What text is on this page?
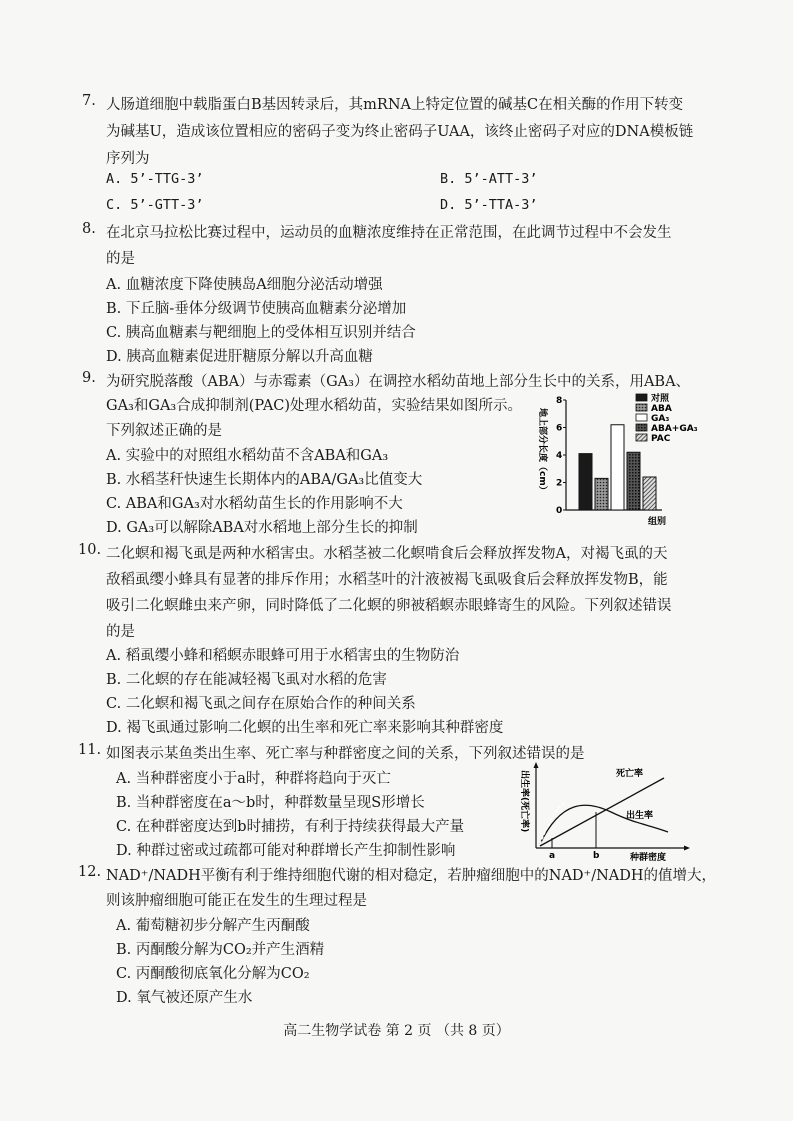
7. 人肠道细胞中载脂蛋白B基因转录后，其mRNA上特定位置的碱基C在相关酶的作用下转变
为碱基U，造成该位置相应的密码子变为终止密码子UAA，该终止密码子对应的DNA模板链
序列为
A. 5’-TTG-3’	B. 5’-ATT-3’
C. 5’-GTT-3’	D. 5’-TTA-3’
8. 在北京马拉松比赛过程中，运动员的血糖浓度维持在正常范围，在此调节过程中不会发生
的是
A. 血糖浓度下降使胰岛A细胞分泌活动增强
B. 下丘脑-垂体分级调节使胰高血糖素分泌增加
C. 胰高血糖素与靶细胞上的受体相互识别并结合
D. 胰高血糖素促进肝糖原分解以升高血糖
9. 为研究脱落酸（ABA）与赤霉素（GA₃）在调控水稻幼苗地上部分生长中的关系，用ABA、
GA₃和GA₃合成抑制剂(PAC)处理水稻幼苗，实验结果如图所示。
下列叙述正确的是
A. 实验中的对照组水稻幼苗不含ABA和GA₃
B. 水稻茎秆快速生长期体内的ABA/GA₃比值变大
C. ABA和GA₃对水稻幼苗生长的作用影响不大
D. GA₃可以解除ABA对水稻地上部分生长的抑制
地上部分长度（cm）
组别
0
2
4
6
8	对照
ABA
GA₃
ABA+GA₃
PAC
10. 二化螟和褐飞虱是两种水稻害虫。水稻茎被二化螟啃食后会释放挥发物A，对褐飞虱的天
敌稻虱缨小蜂具有显著的排斥作用；水稻茎叶的汁液被褐飞虱吸食后会释放挥发物B，能
吸引二化螟雌虫来产卵，同时降低了二化螟的卵被稻螟赤眼蜂寄生的风险。下列叙述错误
的是
A. 稻虱缨小蜂和稻螟赤眼蜂可用于水稻害虫的生物防治
B. 二化螟的存在能减轻褐飞虱对水稻的危害
C. 二化螟和褐飞虱之间存在原始合作的种间关系
D. 褐飞虱通过影响二化螟的出生率和死亡率来影响其种群密度
11. 如图表示某鱼类出生率、死亡率与种群密度之间的关系，下列叙述错误的是
A. 当种群密度小于a时，种群将趋向于灭亡
B. 当种群密度在a～b时，种群数量呈现S形增长
C. 在种群密度达到b时捕捞，有利于持续获得最大产量
D. 种群过密或过疏都可能对种群增长产生抑制性影响
出生率(死亡率)
a	b	种群密度
死亡率
出生率
12. NAD⁺/NADH平衡有利于维持细胞代谢的相对稳定，若肿瘤细胞中的NAD⁺/NADH的值增大，
则该肿瘤细胞可能正在发生的生理过程是
A. 葡萄糖初步分解产生丙酮酸
B. 丙酮酸分解为CO₂并产生酒精
C. 丙酮酸彻底氧化分解为CO₂
D. 氧气被还原产生水
高二生物学试卷 第 2 页 （共 8 页）
